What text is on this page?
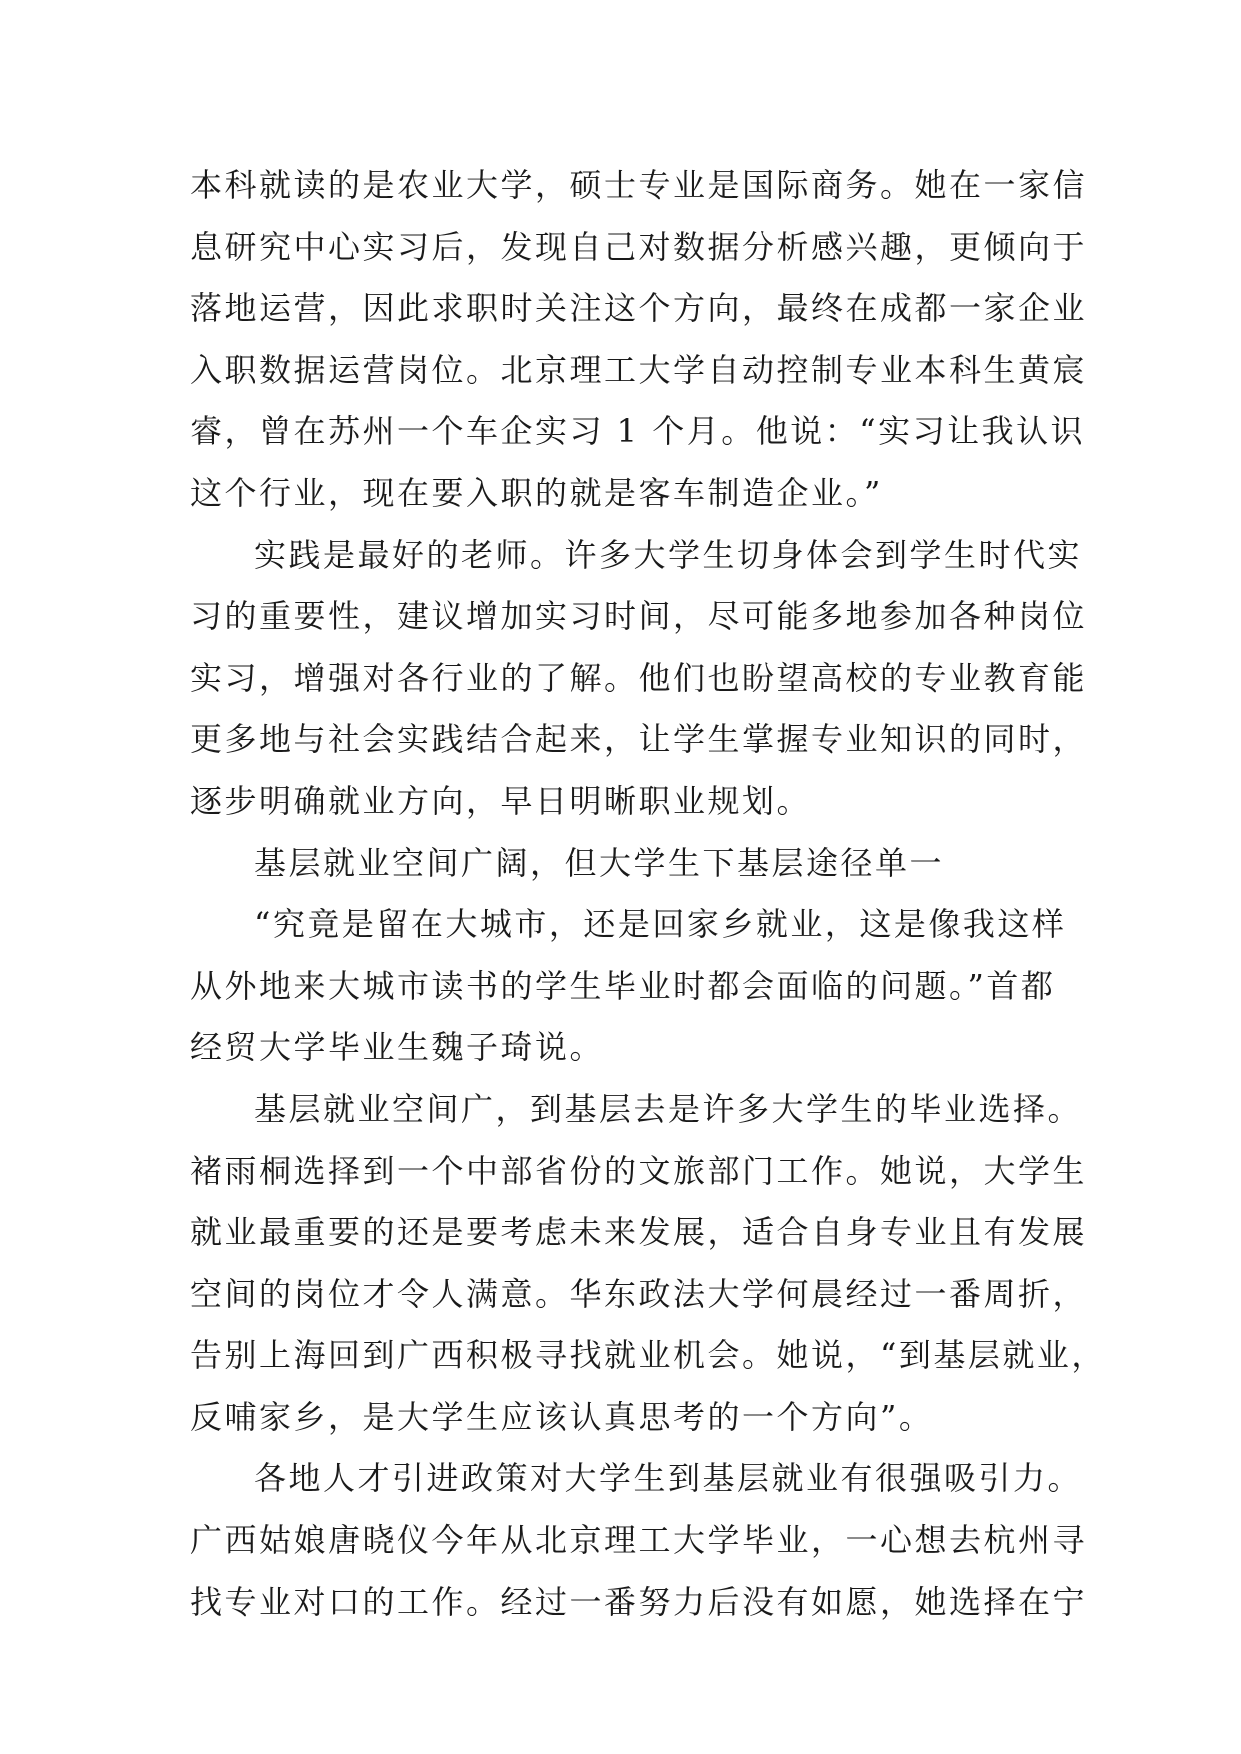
本科就读的是农业大学，硕士专业是国际商务。她在一家信
息研究中心实习后，发现自己对数据分析感兴趣，更倾向于
落地运营，因此求职时关注这个方向，最终在成都一家企业
入职数据运营岗位。北京理工大学自动控制专业本科生黄宸
睿，曾在苏州一个车企实习 1 个月。他说：“实习让我认识
这个行业，现在要入职的就是客车制造企业。”
实践是最好的老师。许多大学生切身体会到学生时代实
习的重要性，建议增加实习时间，尽可能多地参加各种岗位
实习，增强对各行业的了解。他们也盼望高校的专业教育能
更多地与社会实践结合起来，让学生掌握专业知识的同时，
逐步明确就业方向，早日明晰职业规划。
基层就业空间广阔，但大学生下基层途径单一
“究竟是留在大城市，还是回家乡就业，这是像我这样
从外地来大城市读书的学生毕业时都会面临的问题。”首都
经贸大学毕业生魏子琦说。
基层就业空间广，到基层去是许多大学生的毕业选择。
褚雨桐选择到一个中部省份的文旅部门工作。她说，大学生
就业最重要的还是要考虑未来发展，适合自身专业且有发展
空间的岗位才令人满意。华东政法大学何晨经过一番周折，
告别上海回到广西积极寻找就业机会。她说，“到基层就业，
反哺家乡，是大学生应该认真思考的一个方向”。
各地人才引进政策对大学生到基层就业有很强吸引力。
广西姑娘唐晓仪今年从北京理工大学毕业，一心想去杭州寻
找专业对口的工作。经过一番努力后没有如愿，她选择在宁
